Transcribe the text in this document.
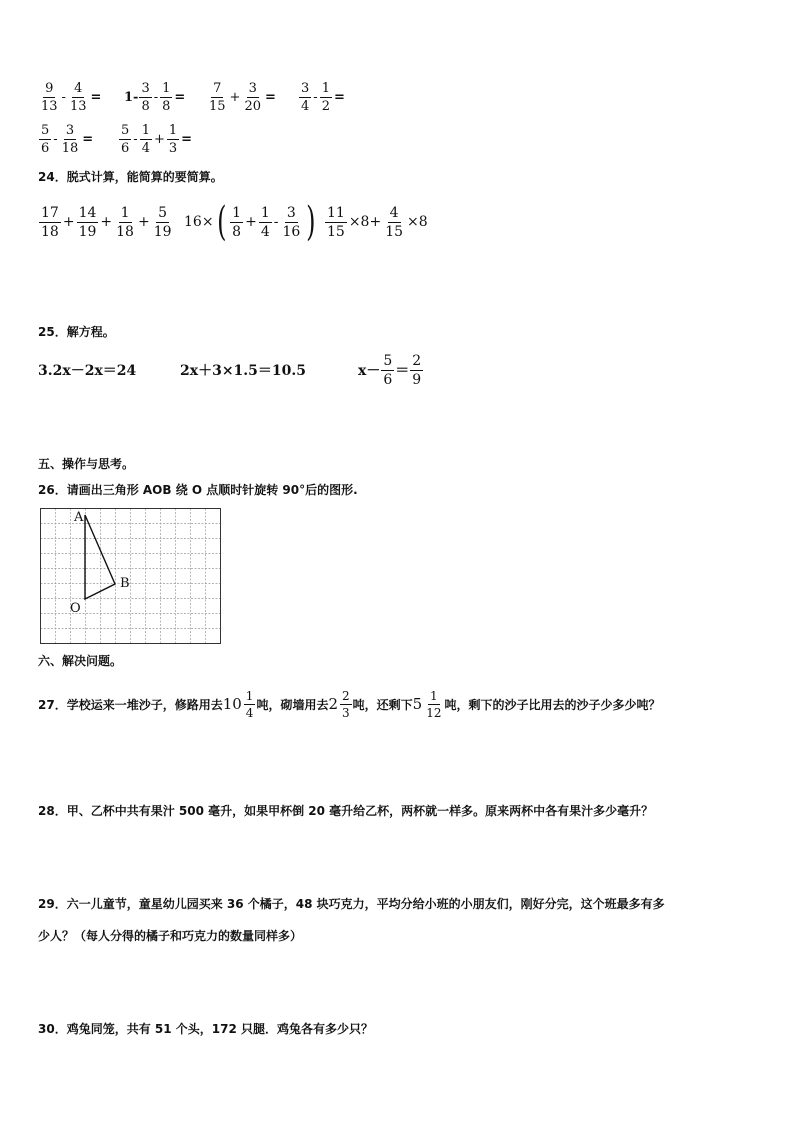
$\frac{9}{13} - \frac{4}{13} = 1- \frac{3}{8} - \frac{1}{8} = \frac{7}{15} + \frac{3}{20} = \frac{3}{4} - \frac{1}{2}$ =
$\frac{5}{6} - \frac{3}{18} = \frac{5}{6} - \frac{1}{4} + \frac{1}{3}$ =
24．脱式计算，能简算的要简算。
$\frac{17}{18} + \frac{14}{19} + \frac{1}{18} + \frac{5}{19} 16\times$ ( $\frac{1}{8} + \frac{1}{4} - \frac{3}{16}$ ) $\frac{11}{15} \times 8+ \frac{4}{15} \times 8$
25．解方程。
3.2x－2x＝24	2x＋3×1.5＝10.5	$x- \frac{5}{6} = \frac{2}{9}$
五、操作与思考。
26．请画出三角形 AOB 绕 O 点顺时针旋转 90°后的图形.
A
B
O
六、解决问题。
27．学校运来一堆沙子，修路用去 $10 \frac{1}{4}$ 吨，砌墙用去 $2 \frac{2}{3}$ 吨，还剩下 $5 \frac{1}{12}$ 吨，剩下的沙子比用去的沙子少多少吨？
28．甲、乙杯中共有果汁 500 毫升，如果甲杯倒 20 毫升给乙杯，两杯就一样多。原来两杯中各有果汁多少毫升？
29．六一儿童节，童星幼儿园买来 36 个橘子，48 块巧克力，平均分给小班的小朋友们，刚好分完，这个班最多有多
少人？（每人分得的橘子和巧克力的数量同样多）
30．鸡兔同笼，共有 51 个头，172 只腿．鸡兔各有多少只？
